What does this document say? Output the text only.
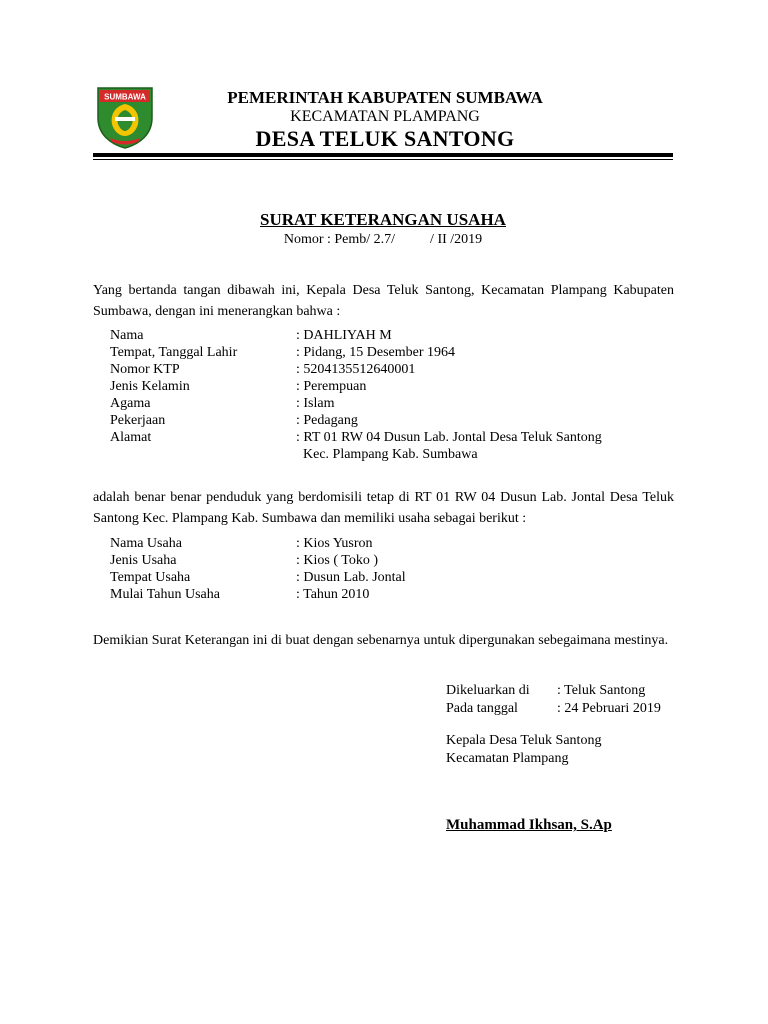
SUMBAWA	PEMERINTAH KABUPATEN SUMBAWA
KECAMATAN PLAMPANG
DESA TELUK SANTONG
SURAT KETERANGAN USAHA
Nomor : Pemb/ 2.7/          / II /2019
Yang bertanda tangan dibawah ini, Kepala Desa Teluk Santong, Kecamatan Plampang Kabupaten Sumbawa, dengan ini menerangkan bahwa :
Nama	: DAHLIYAH M
Tempat, Tanggal Lahir	: Pidang, 15 Desember 1964
Nomor KTP	: 5204135512640001
Jenis Kelamin	: Perempuan
Agama	: Islam
Pekerjaan	: Pedagang
Alamat	: RT 01 RW 04 Dusun Lab. Jontal Desa Teluk Santong
Kec. Plampang Kab. Sumbawa
adalah benar benar penduduk yang berdomisili tetap di RT 01 RW 04 Dusun Lab. Jontal Desa Teluk Santong Kec. Plampang Kab. Sumbawa dan memiliki usaha sebagai berikut :
Nama Usaha	: Kios Yusron
Jenis Usaha	: Kios ( Toko )
Tempat Usaha	: Dusun Lab. Jontal
Mulai Tahun Usaha	: Tahun 2010
Demikian Surat Keterangan ini di buat dengan sebenarnya untuk dipergunakan sebegaimana mestinya.
Dikeluarkan di : Teluk Santong
Pada tanggal	: 24 Pebruari 2019
Kepala Desa Teluk Santong
Kecamatan Plampang
Muhammad Ikhsan, S.Ap
